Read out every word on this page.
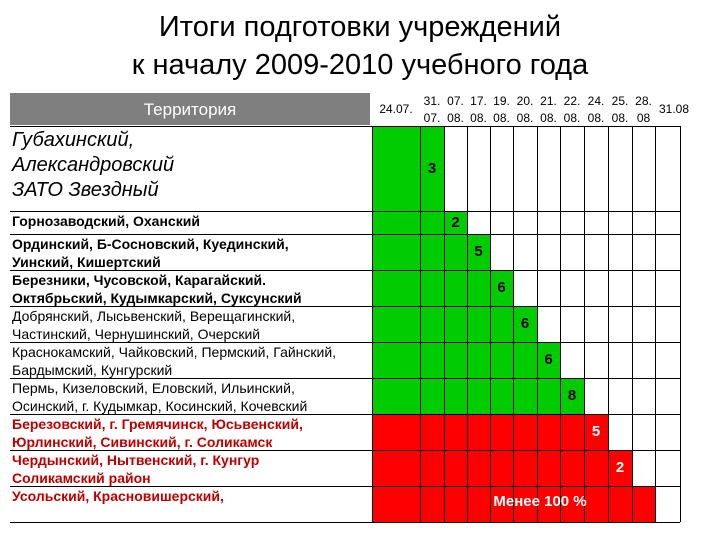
Итоги подготовки учреждений
к началу 2009-2010 учебного года
Территория
Губахинский,
Александровский
ЗАТО Звездный
Горнозаводский, Оханский
Ординский, Б-Сосновский, Куединский,
Уинский, Кишертский
Березники, Чусовской, Карагайский.
Октябрьский, Кудымкарский, Суксунский
Добрянский, Лысьвенский, Верещагинский,
Частинский, Чернушинский, Очерский
Краснокамский, Чайковский, Пермский, Гайнский,
Бардымский, Кунгурский
Пермь, Кизеловский, Еловский, Ильинский,
Осинский, г. Кудымкар, Косинский, Кочевский
Березовский, г. Гремячинск, Юсьвенский,
Юрлинский, Сивинский, г. Соликамск
Чердынский, Нытвенский, г. Кунгур
Соликамский район
Усольский, Красновишерский,
24.07.
31.
07.
07.
08.
17.
08.
19.
08.
20.
08.
21.
08.
22.
08.
24.
08.
25.
08.
28.
08
31.08
3
2
5
6
6
6
8
5
2
Менее 100 %
